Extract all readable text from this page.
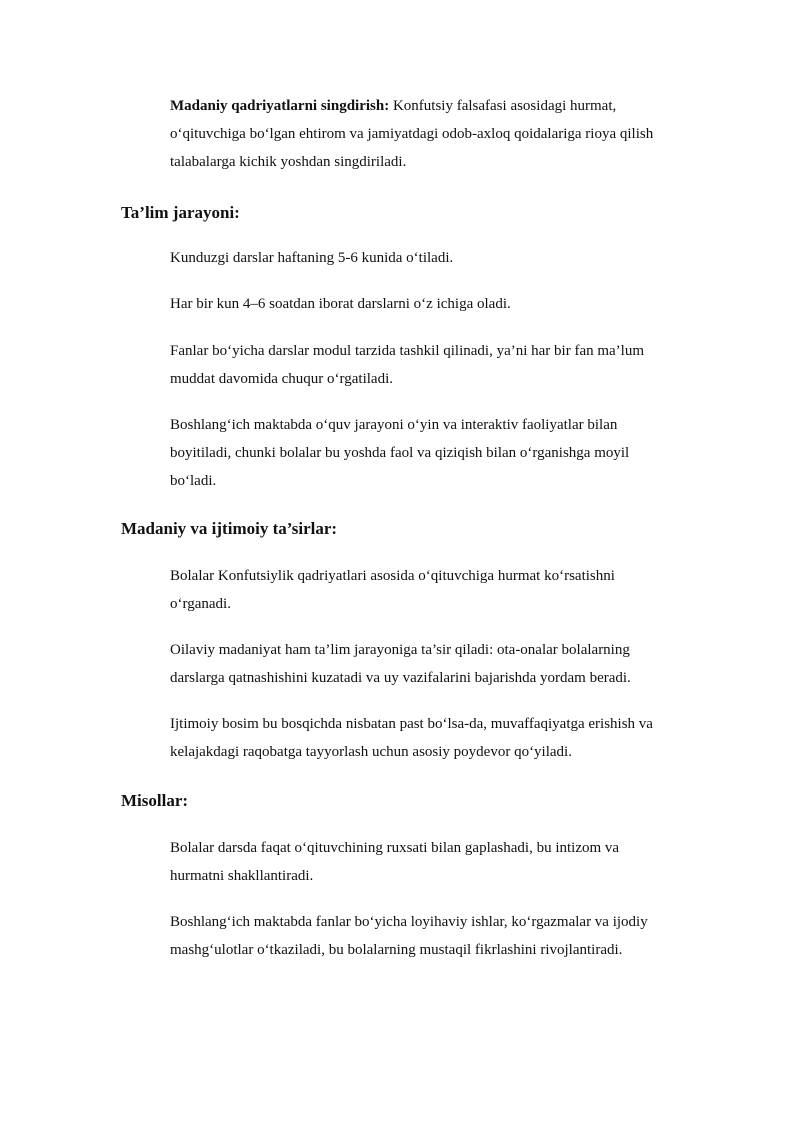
Madaniy qadriyatlarni singdirish: Konfutsiy falsafasi asosidagi hurmat, o‘qituvchiga bo‘lgan ehtirom va jamiyatdagi odob-axloq qoidalariga rioya qilish talabalarga kichik yoshdan singdiriladi.

Ta’lim jarayoni:

Kunduzgi darslar haftaning 5-6 kunida o‘tiladi.

Har bir kun 4–6 soatdan iborat darslarni o‘z ichiga oladi.

Fanlar bo‘yicha darslar modul tarzida tashkil qilinadi, ya’ni har bir fan ma’lum muddat davomida chuqur o‘rgatiladi.

Boshlang‘ich maktabda o‘quv jarayoni o‘yin va interaktiv faoliyatlar bilan boyitiladi, chunki bolalar bu yoshda faol va qiziqish bilan o‘rganishga moyil bo‘ladi.

Madaniy va ijtimoiy ta’sirlar:

Bolalar Konfutsiylik qadriyatlari asosida o‘qituvchiga hurmat ko‘rsatishni o‘rganadi.

Oilaviy madaniyat ham ta’lim jarayoniga ta’sir qiladi: ota-onalar bolalarning darslarga qatnashishini kuzatadi va uy vazifalarini bajarishda yordam beradi.

Ijtimoiy bosim bu bosqichda nisbatan past bo‘lsa-da, muvaffaqiyatga erishish va kelajakdagi raqobatga tayyorlash uchun asosiy poydevor qo‘yiladi.

Misollar:

Bolalar darsda faqat o‘qituvchining ruxsati bilan gaplashadi, bu intizom va hurmatni shakllantiradi.

Boshlang‘ich maktabda fanlar bo‘yicha loyihaviy ishlar, ko‘rgazmalar va ijodiy mashg‘ulotlar o‘tkaziladi, bu bolalarning mustaqil fikrlashini rivojlantiradi.
